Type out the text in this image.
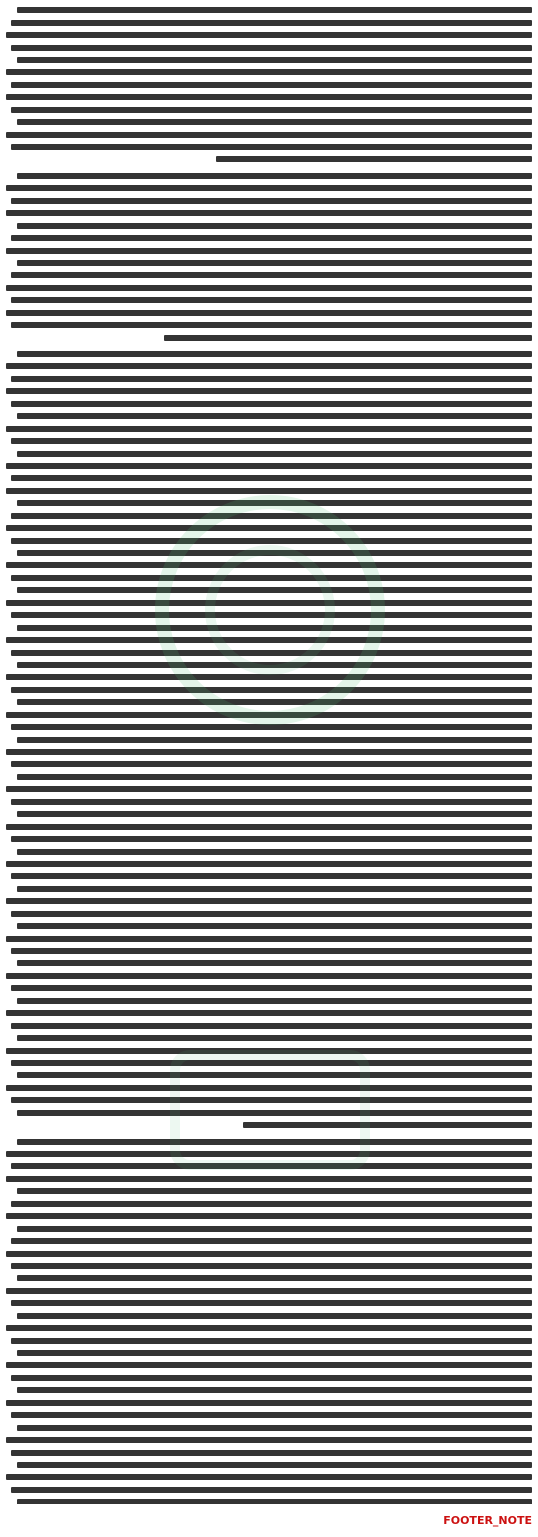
FOOTER_NOTE
